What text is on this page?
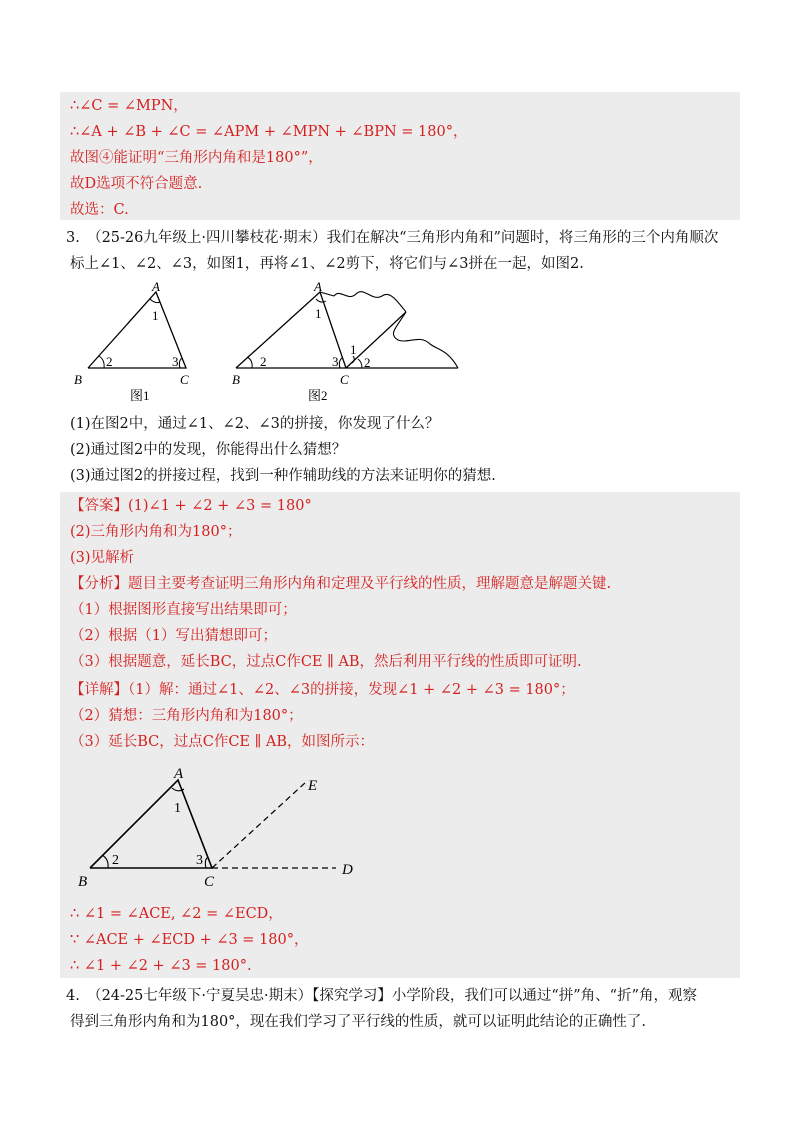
∴∠C = ∠MPN，
∴∠A + ∠B + ∠C = ∠APM + ∠MPN + ∠BPN = 180°，
故图④能证明“三角形内角和是180°”，
故D选项不符合题意.
故选：C.
3.　（25-26九年级上·四川攀枝花·期末）我们在解决“三角形内角和”问题时，将三角形的三个内角顺次
标上∠1、∠2、∠3，如图1，再将∠1、∠2剪下，将它们与∠3拼在一起，如图2.
A
B	C
1
2	3
图1
A
B	C
1
2	3
1
2
图2
(1)在图2中，通过∠1、∠2、∠3的拼接，你发现了什么？
(2)通过图2中的发现，你能得出什么猜想？
(3)通过图2的拼接过程，找到一种作辅助线的方法来证明你的猜想.
【答案】(1)∠1 + ∠2 + ∠3 = 180°
(2)三角形内角和为180°；
(3)见解析
【分析】题目主要考查证明三角形内角和定理及平行线的性质，理解题意是解题关键.
（1）根据图形直接写出结果即可；
（2）根据（1）写出猜想即可；
（3）根据题意，延长BC，过点C作CE ∥ AB，然后利用平行线的性质即可证明.
【详解】（1）解：通过∠1、∠2、∠3的拼接，发现∠1 + ∠2 + ∠3 = 180°；
（2）猜想：三角形内角和为180°；
（3）延长BC，过点C作CE ∥ AB，如图所示：
A
B	C
D
E
1
2	3
∴ ∠1 = ∠ACE, ∠2 = ∠ECD，
∵ ∠ACE + ∠ECD + ∠3 = 180°，
∴ ∠1 + ∠2 + ∠3 = 180°.
4.　（24-25七年级下·宁夏吴忠·期末）【探究学习】小学阶段，我们可以通过“拼”角、“折”角，观察
得到三角形内角和为180°，现在我们学习了平行线的性质，就可以证明此结论的正确性了.
